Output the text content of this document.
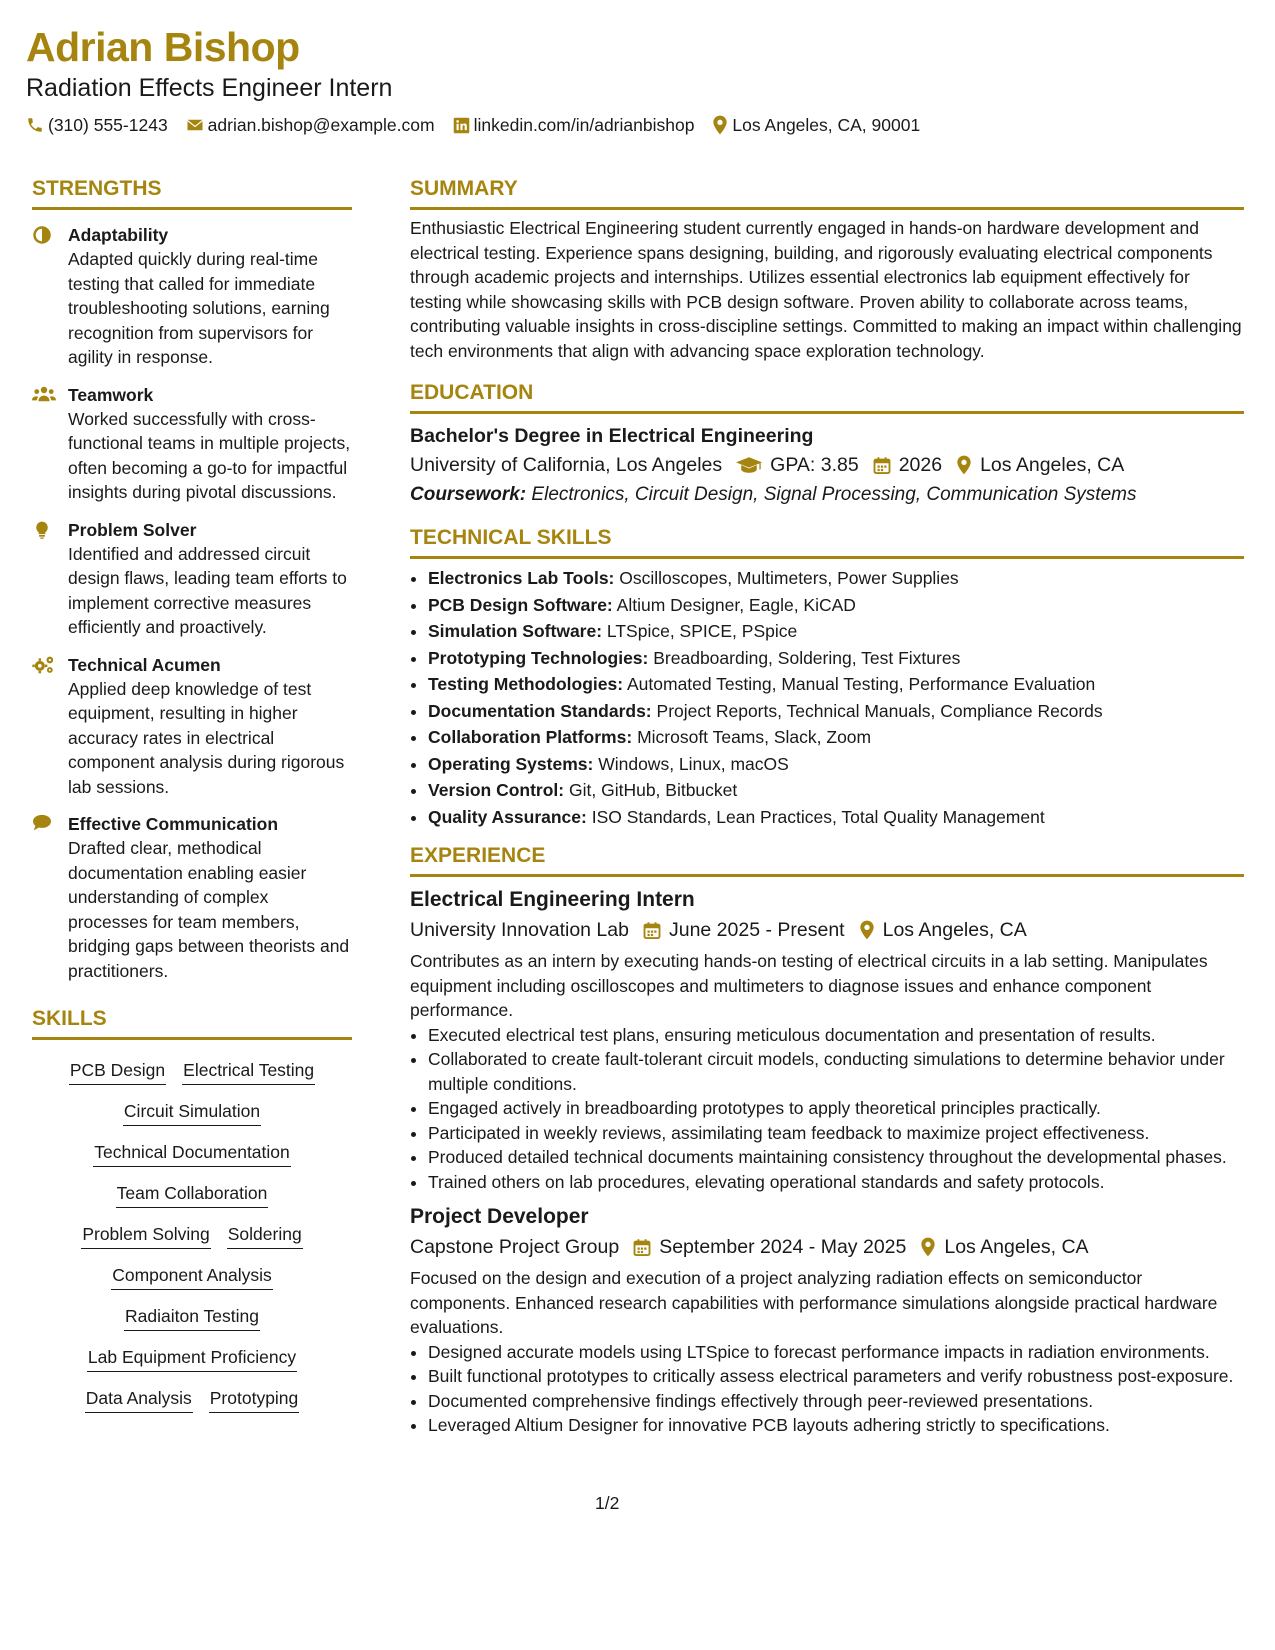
Adrian Bishop
Radiation Effects Engineer Intern
(310) 555-1243 adrian.bishop@example.com linkedin.com/in/adrianbishop Los Angeles, CA, 90001
STRENGTHS
Adaptability
Adapted quickly during real-time testing that called for immediate troubleshooting solutions, earning recognition from supervisors for agility in response.
Teamwork
Worked successfully with cross-functional teams in multiple projects, often becoming a go-to for impactful insights during pivotal discussions.
Problem Solver
Identified and addressed circuit design flaws, leading team efforts to implement corrective measures efficiently and proactively.
Technical Acumen
Applied deep knowledge of test equipment, resulting in higher accuracy rates in electrical component analysis during rigorous lab sessions.
Effective Communication
Drafted clear, methodical documentation enabling easier understanding of complex processes for team members, bridging gaps between theorists and practitioners.
SKILLS
PCB Design Electrical Testing
Circuit Simulation
Technical Documentation
Team Collaboration
Problem Solving Soldering
Component Analysis
Radiaiton Testing
Lab Equipment Proficiency
Data Analysis Prototyping
SUMMARY
Enthusiastic Electrical Engineering student currently engaged in hands-on hardware development and electrical testing. Experience spans designing, building, and rigorously evaluating electrical components through academic projects and internships. Utilizes essential electronics lab equipment effectively for testing while showcasing skills with PCB design software. Proven ability to collaborate across teams, contributing valuable insights in cross-discipline settings. Committed to making an impact within challenging tech environments that align with advancing space exploration technology.
EDUCATION
Bachelor's Degree in Electrical Engineering
University of California, Los Angeles GPA: 3.85 2026 Los Angeles, CA
Coursework: Electronics, Circuit Design, Signal Processing, Communication Systems
TECHNICAL SKILLS
• Electronics Lab Tools: Oscilloscopes, Multimeters, Power Supplies
• PCB Design Software: Altium Designer, Eagle, KiCAD
• Simulation Software: LTSpice, SPICE, PSpice
• Prototyping Technologies: Breadboarding, Soldering, Test Fixtures
• Testing Methodologies: Automated Testing, Manual Testing, Performance Evaluation
• Documentation Standards: Project Reports, Technical Manuals, Compliance Records
• Collaboration Platforms: Microsoft Teams, Slack, Zoom
• Operating Systems: Windows, Linux, macOS
• Version Control: Git, GitHub, Bitbucket
• Quality Assurance: ISO Standards, Lean Practices, Total Quality Management
EXPERIENCE
Electrical Engineering Intern
University Innovation Lab June 2025 - Present Los Angeles, CA
Contributes as an intern by executing hands-on testing of electrical circuits in a lab setting. Manipulates equipment including oscilloscopes and multimeters to diagnose issues and enhance component performance.
• Executed electrical test plans, ensuring meticulous documentation and presentation of results.
• Collaborated to create fault-tolerant circuit models, conducting simulations to determine behavior under multiple conditions.
• Engaged actively in breadboarding prototypes to apply theoretical principles practically.
• Participated in weekly reviews, assimilating team feedback to maximize project effectiveness.
• Produced detailed technical documents maintaining consistency throughout the developmental phases.
• Trained others on lab procedures, elevating operational standards and safety protocols.
Project Developer
Capstone Project Group September 2024 - May 2025 Los Angeles, CA
Focused on the design and execution of a project analyzing radiation effects on semiconductor components. Enhanced research capabilities with performance simulations alongside practical hardware evaluations.
• Designed accurate models using LTSpice to forecast performance impacts in radiation environments.
• Built functional prototypes to critically assess electrical parameters and verify robustness post-exposure.
• Documented comprehensive findings effectively through peer-reviewed presentations.
• Leveraged Altium Designer for innovative PCB layouts adhering strictly to specifications.
1/2
